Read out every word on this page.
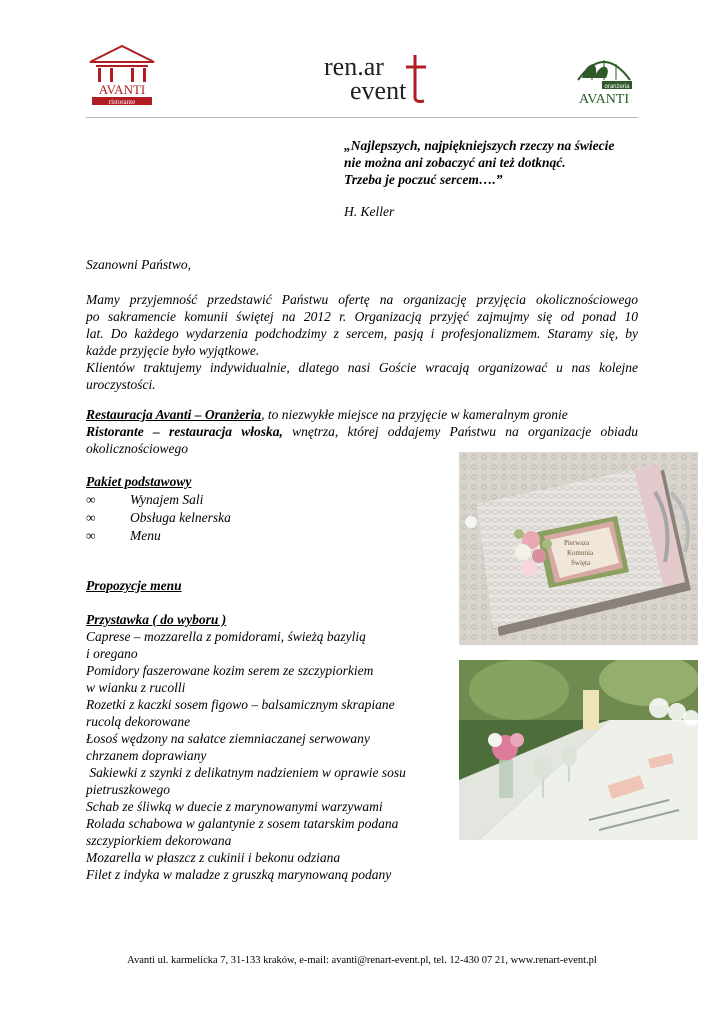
AVANTI
ristorante
ren.ar
event	oranżeria
AVANTI
„Najlepszych, najpiękniejszych rzeczy na świecie
nie można ani zobaczyć ani też dotknąć.
Trzeba je poczuć sercem….”
H. Keller
Szanowni Państwo,
Mamy przyjemność przedstawić Państwu ofertę na organizację przyjęcia okolicznościowego
po sakramencie komunii świętej na 2012 r. Organizacją przyjęć zajmujmy się od ponad 10
lat. Do każdego wydarzenia podchodzimy z sercem, pasją i profesjonalizmem. Staramy się, by
każde przyjęcie było wyjątkowe.
Klientów traktujemy indywidualnie, dlatego nasi Goście wracają organizować u nas kolejne
uroczystości.
Restauracja Avanti – Oranżeria, to niezwykłe miejsce na przyjęcie w kameralnym gronie
Ristorante – restauracja włoska, wnętrza, której oddajemy Państwu na organizacje obiadu
okolicznościowego
Pakiet podstawowy
∞	Wynajem Sali
∞	Obsługa kelnerska
∞	Menu
Propozycje menu
Przystawka ( do wyboru )
Caprese – mozzarella z pomidorami, świeżą bazylią
i oregano
Pomidory faszerowane kozim serem ze szczypiorkiem
w wianku z rucolli
Rozetki z kaczki sosem figowo – balsamicznym skrapiane
rucolą dekorowane
Łosoś wędzony na sałatce ziemniaczanej serwowany
chrzanem doprawiany
Sakiewki z szynki z delikatnym nadzieniem w oprawie sosu
pietruszkowego
Schab ze śliwką w duecie z marynowanymi warzywami
Rolada schabowa w galantynie z sosem tatarskim podana
szczypiorkiem dekorowana
Mozarella w płaszcz z cukinii i bekonu odziana
Filet z indyka w maladze z gruszką marynowaną podany
Pierwsza
Komunia
Święta
Avanti ul. karmelicka 7, 31-133 kraków, e-mail: avanti@renart-event.pl, tel. 12-430 07 21, www.renart-event.pl
